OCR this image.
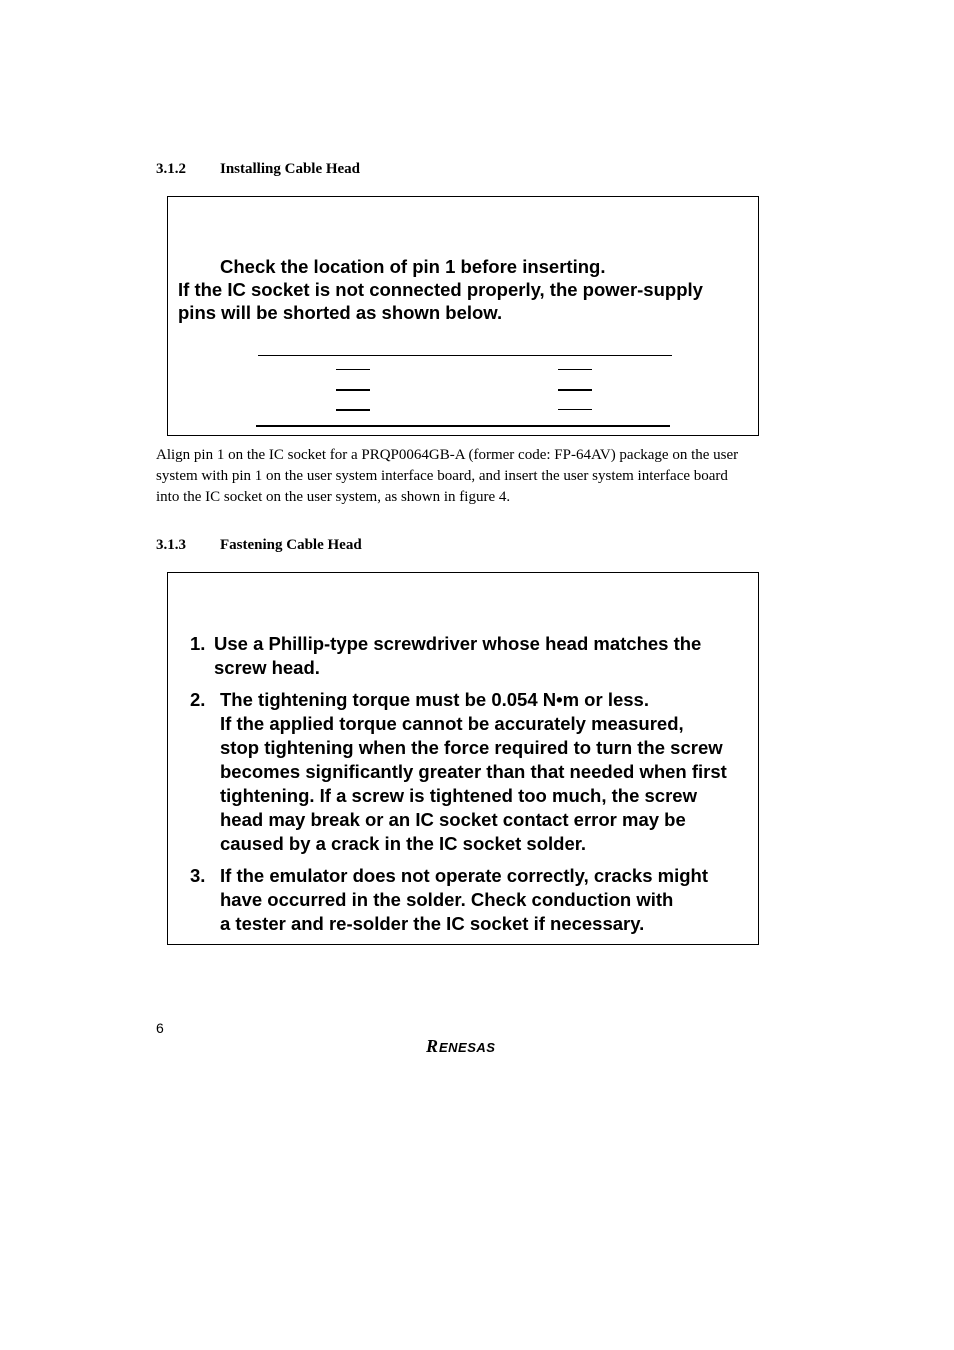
3.1.2 Installing Cable Head
Check the location of pin 1 before inserting.
If the IC socket is not connected properly, the power-supply
pins will be shorted as shown below.
Align pin 1 on the IC socket for a PRQP0064GB-A (former code: FP-64AV) package on the user
system with pin 1 on the user system interface board, and insert the user system interface board
into the IC socket on the user system, as shown in figure 4.
3.1.3 Fastening Cable Head
1. Use a Phillip-type screwdriver whose head matches the
screw head.
2. The tightening torque must be 0.054 N•m or less.
If the applied torque cannot be accurately measured,
stop tightening when the force required to turn the screw
becomes significantly greater than that needed when first
tightening. If a screw is tightened too much, the screw
head may break or an IC socket contact error may be
caused by a crack in the IC socket solder.
3. If the emulator does not operate correctly, cracks might
have occurred in the solder. Check conduction with
a tester and re-solder the IC socket if necessary.
6
R ENESAS
